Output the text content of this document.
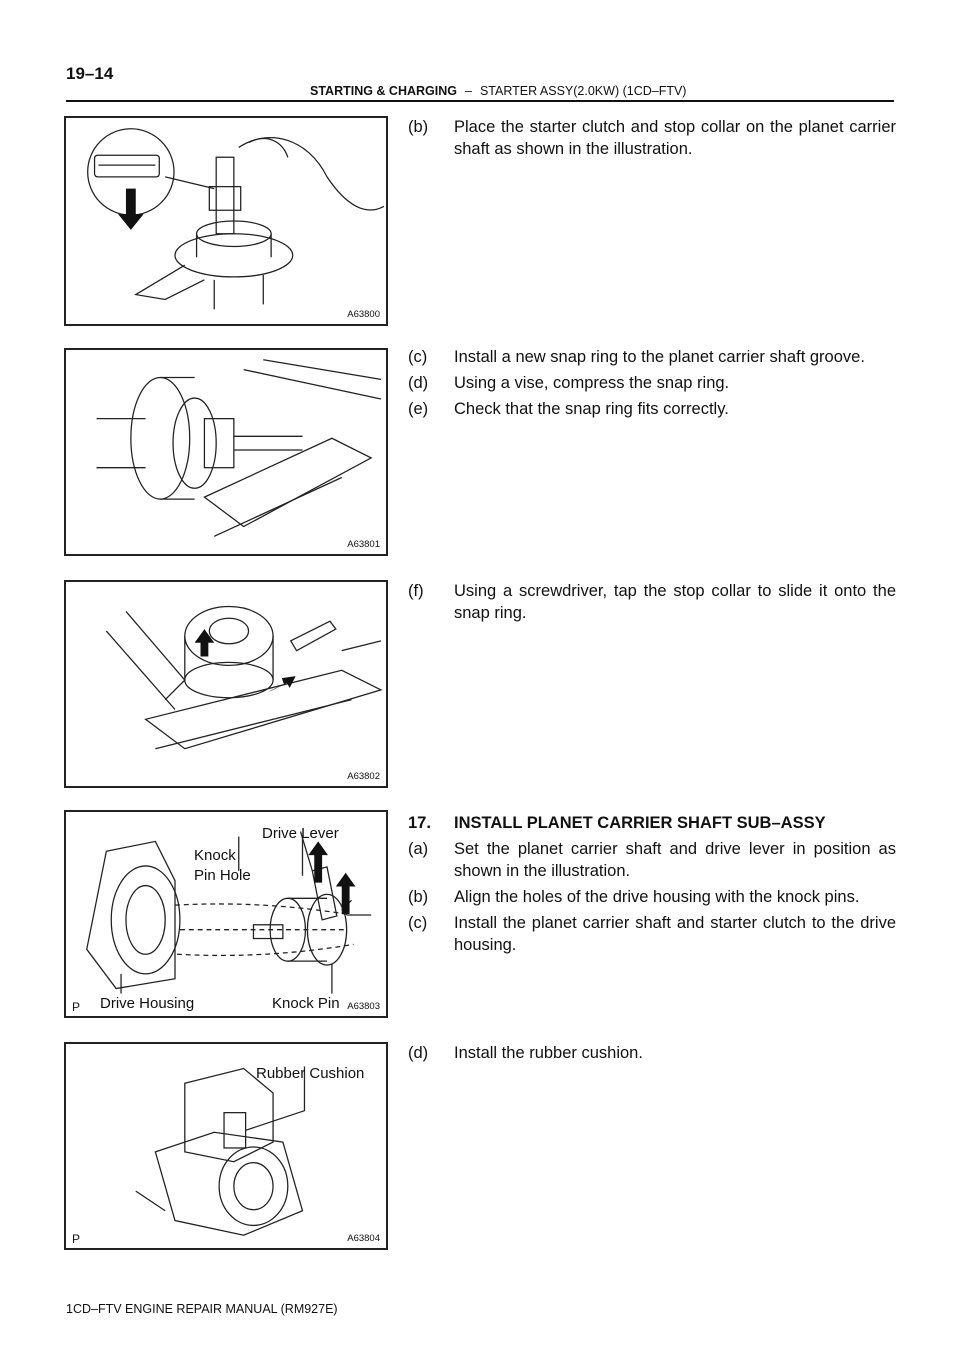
19–14
STARTING & CHARGING – STARTER ASSY(2.0KW) (1CD–FTV)
A63800
A63801
A63802
Drive Lever
Knock
Pin Hole
Drive Housing	Knock Pin
P	A63803
Rubber Cushion
P	A63804
(b) Place the starter clutch and stop collar on the planet carrier shaft as shown in the illustration.
(c) Install a new snap ring to the planet carrier shaft groove.
(d) Using a vise, compress the snap ring.
(e) Check that the snap ring fits correctly.
(f) Using a screwdriver, tap the stop collar to slide it onto the snap ring.
17. INSTALL PLANET CARRIER SHAFT SUB–ASSY
(a) Set the planet carrier shaft and drive lever in position as shown in the illustration.
(b) Align the holes of the drive housing with the knock pins.
(c) Install the planet carrier shaft and starter clutch to the drive housing.
(d) Install the rubber cushion.
1CD–FTV ENGINE REPAIR MANUAL (RM927E)
